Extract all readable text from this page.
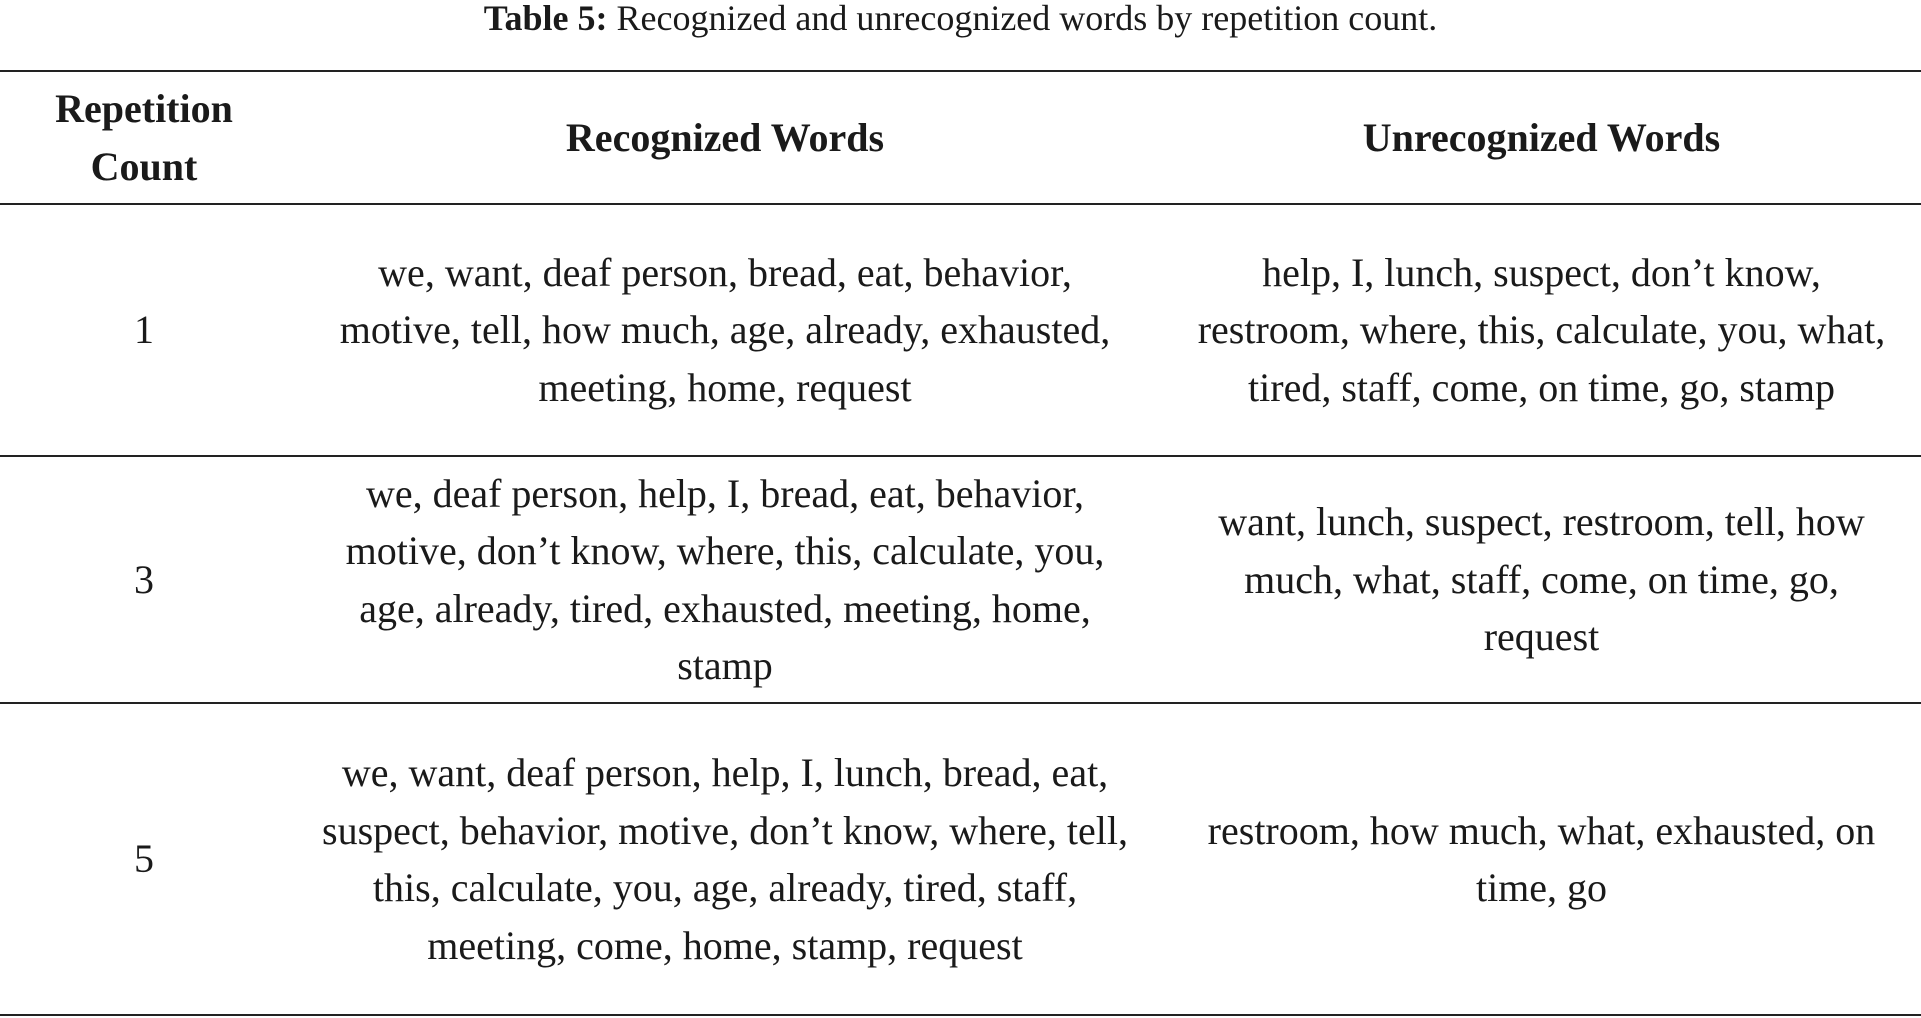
Table 5: Recognized and unrecognized words by repetition count.
Repetition
Count	Recognized Words	Unrecognized Words
1	we, want, deaf person, bread, eat, behavior, motive, tell, how much, age, already, exhausted, meeting, home, request	help, I, lunch, suspect, don’t know, restroom, where, this, calculate, you, what, tired, staff, come, on time, go, stamp

3	we, deaf person, help, I, bread, eat, behavior, motive, don’t know, where, this, calculate, you, age, already, tired, exhausted, meeting, home, stamp	want, lunch, suspect, restroom, tell, how much, what, staff, come, on time, go, request

5	we, want, deaf person, help, I, lunch, bread, eat, suspect, behavior, motive, don’t know, where, tell, this, calculate, you, age, already, tired, staff, meeting, come, home, stamp, request	restroom, how much, what, exhausted, on time, go
